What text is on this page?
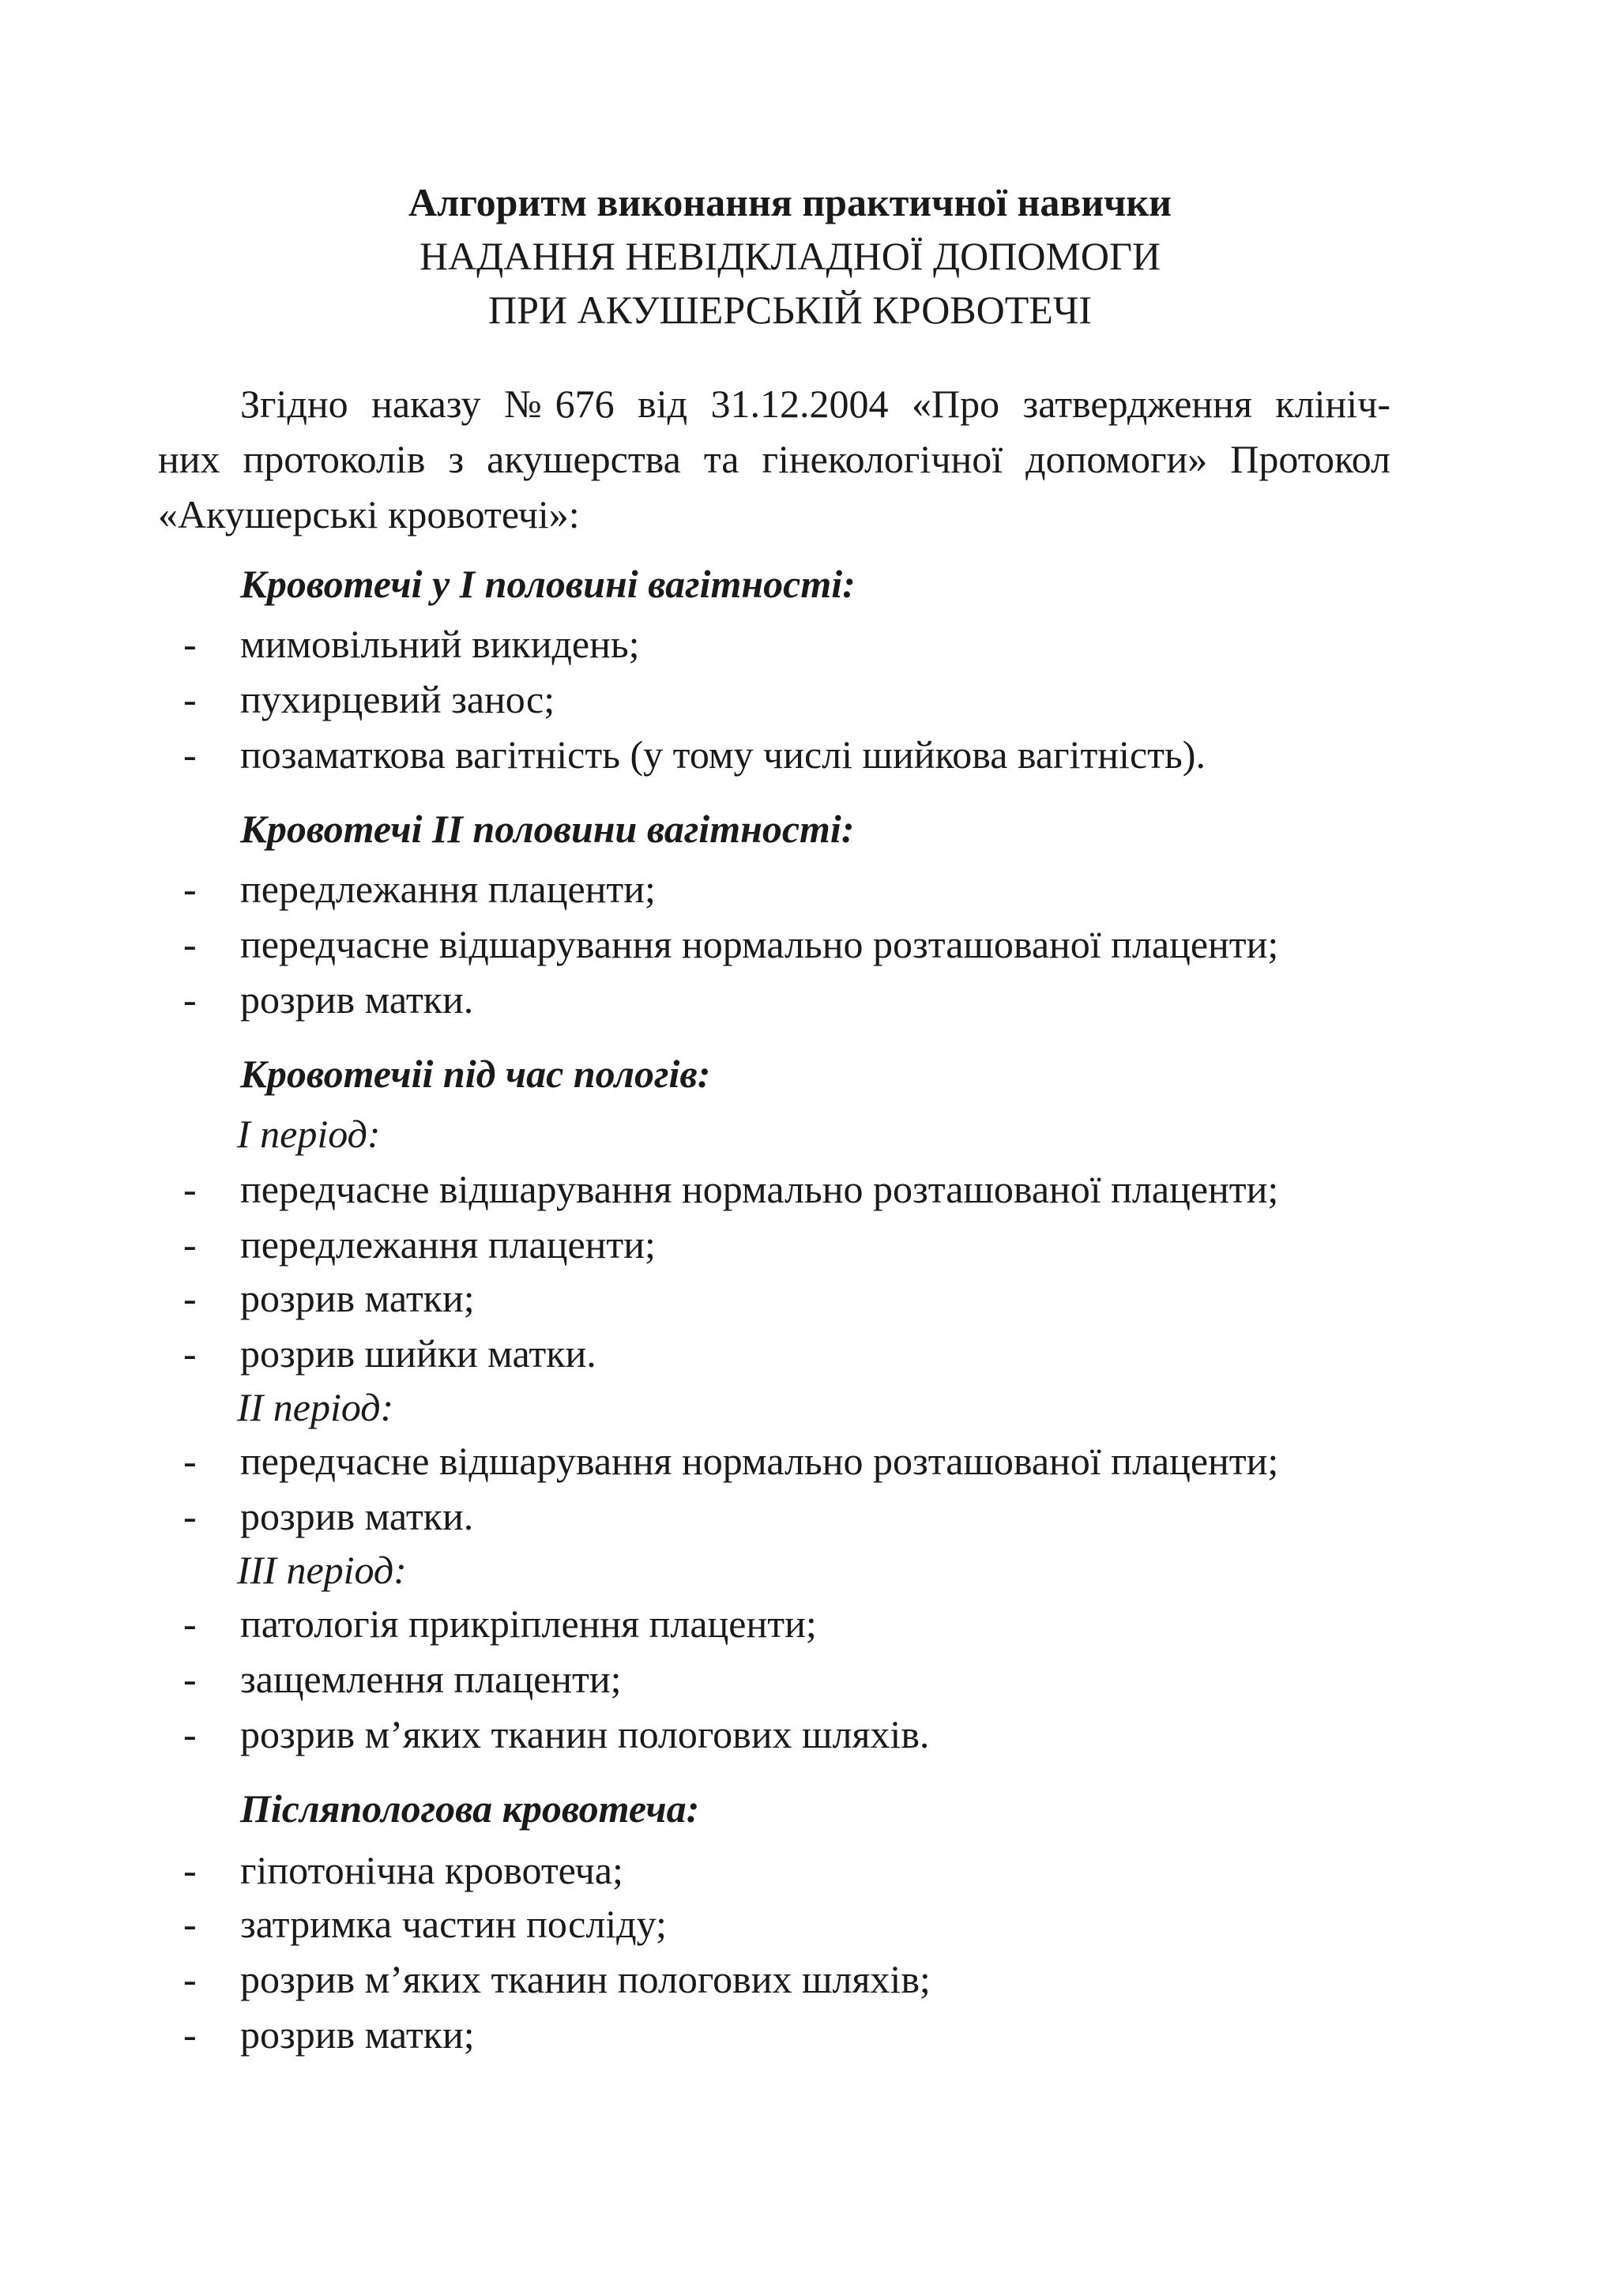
Алгоритм виконання практичної навички
НАДАННЯ НЕВІДКЛАДНОЇ ДОПОМОГИ
ПРИ АКУШЕРСЬКІЙ КРОВОТЕЧІ
Згідно наказу №676 від 31.12.2004 «Про затвердження клініч-
них протоколів з акушерства та гінекологічної допомоги» Протокол
«Акушерські кровотечі»:
Кровотечі у І половині вагітності:
- мимовільний викидень;
- пухирцевий занос;
- позаматкова вагітність (у тому числі шийкова вагітність).
Кровотечі ІІ половини вагітності:
- передлежання плаценти;
- передчасне відшарування нормально розташованої плаценти;
- розрив матки.
Кровотечіі під час пологів:
І період:
- передчасне відшарування нормально розташованої плаценти;
- передлежання плаценти;
- розрив матки;
- розрив шийки матки.
ІІ період:
- передчасне відшарування нормально розташованої плаценти;
- розрив матки.
ІІІ період:
- патологія прикріплення плаценти;
- защемлення плаценти;
- розрив м’яких тканин пологових шляхів.
Післяпологова кровотеча:
- гіпотонічна кровотеча;
- затримка частин посліду;
- розрив м’яких тканин пологових шляхів;
- розрив матки;
